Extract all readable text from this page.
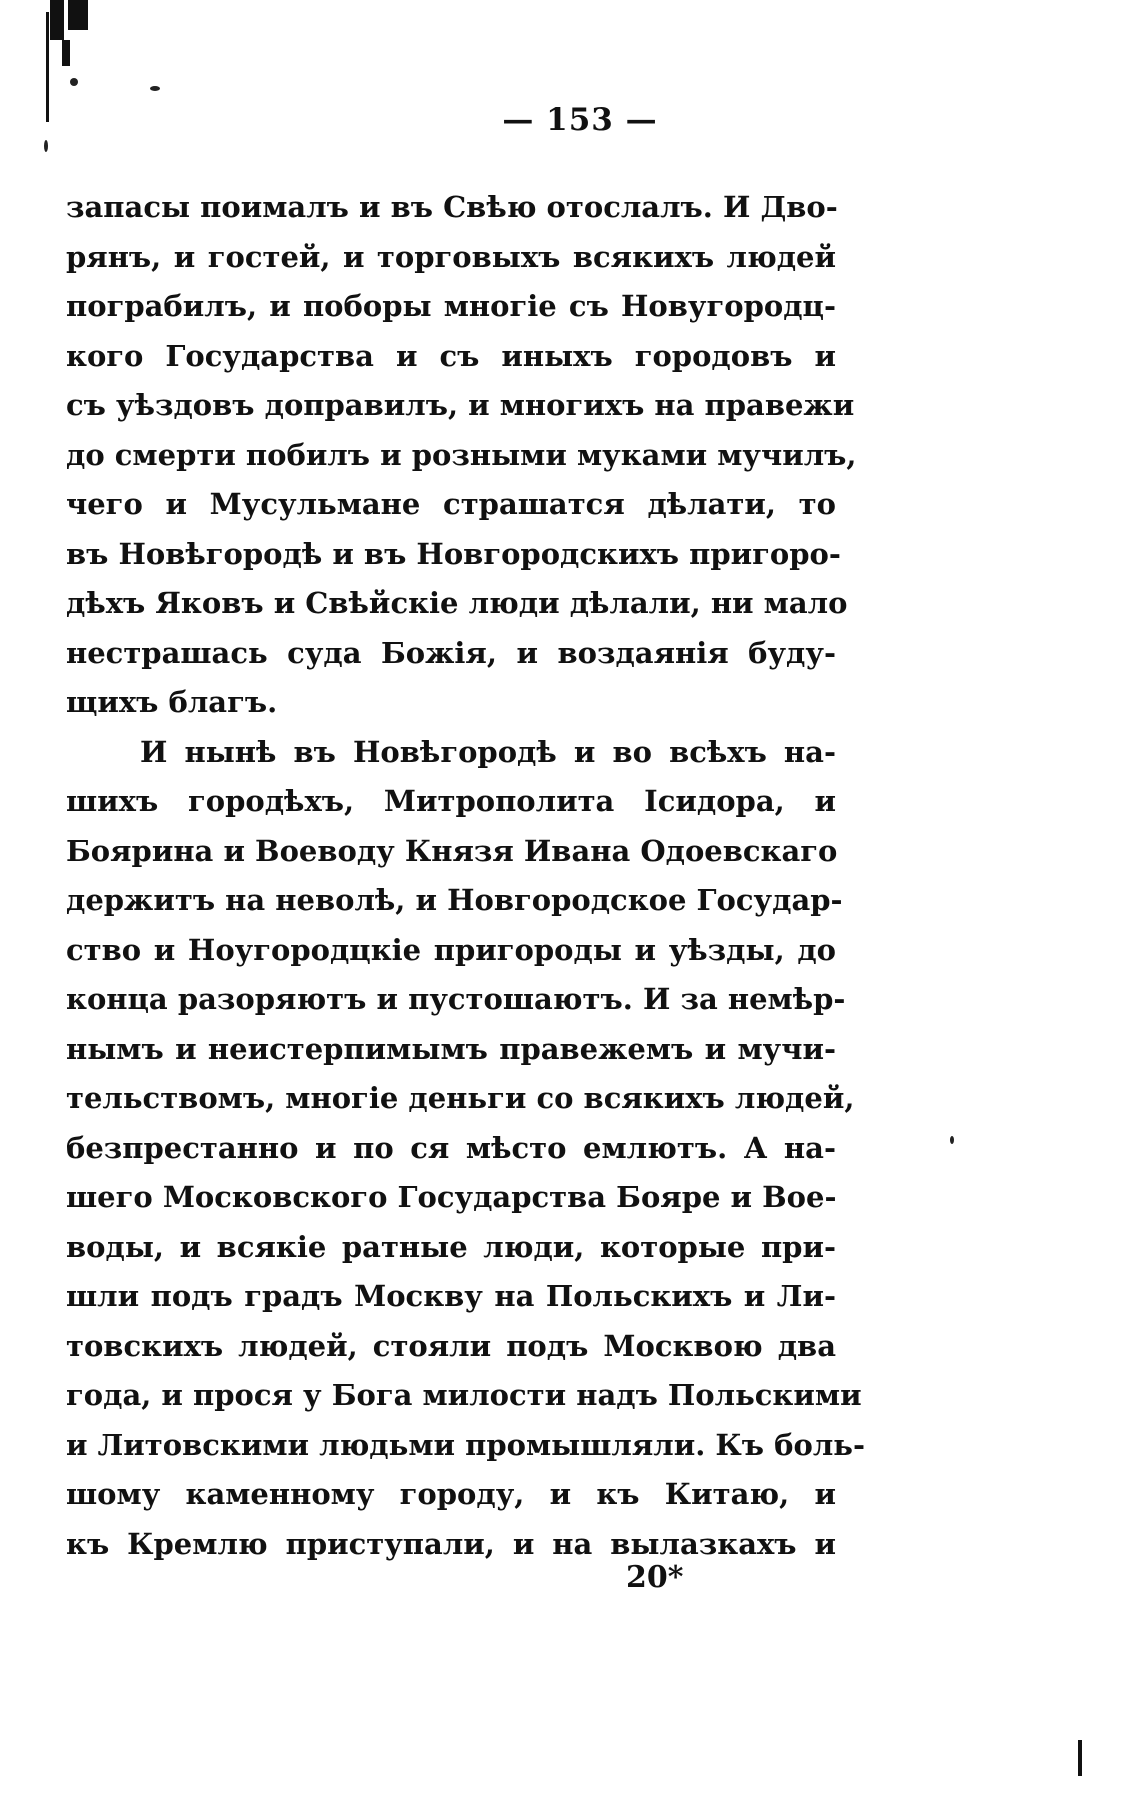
— 153 —
запасы поималъ и въ Свѣю отослалъ. И Дво-
рянъ, и гостей, и торговыхъ всякихъ людей
пограбилъ, и поборы многіе съ Новугородц-
кого Государства и съ иныхъ городовъ и
съ уѣздовъ доправилъ, и многихъ на правежи
до смерти побилъ и розными муками мучилъ,
чего и Мусульмане страшатся дѣлати, то
въ Новѣгородѣ и въ Новгородскихъ пригоро-
дѣхъ Яковъ и Свѣйскіе люди дѣлали, ни мало
нестрашась суда Божія, и воздаянія буду-
щихъ благъ.
И нынѣ въ Новѣгородѣ и во всѣхъ на-
шихъ городѣхъ, Митрополита Ісидора, и
Боярина и Воеводу Князя Ивана Одоевскаго
держитъ на неволѣ, и Новгородское Государ-
ство и Ноугородцкіе пригороды и уѣзды, до
конца разоряютъ и пустошаютъ. И за немѣр-
нымъ и неистерпимымъ правежемъ и мучи-
тельствомъ, многіе деньги со всякихъ людей,
безпрестанно и по ся мѣсто емлютъ. А на-
шего Московского Государства Бояре и Вое-
воды, и всякіе ратные люди, которые при-
шли подъ градъ Москву на Польскихъ и Ли-
товскихъ людей, стояли подъ Москвою два
года, и прося у Бога милости надъ Польскими
и Литовскими людьми промышляли. Къ боль-
шому каменному городу, и къ Китаю, и
къ Кремлю приступали, и на вылазкахъ и
20*
